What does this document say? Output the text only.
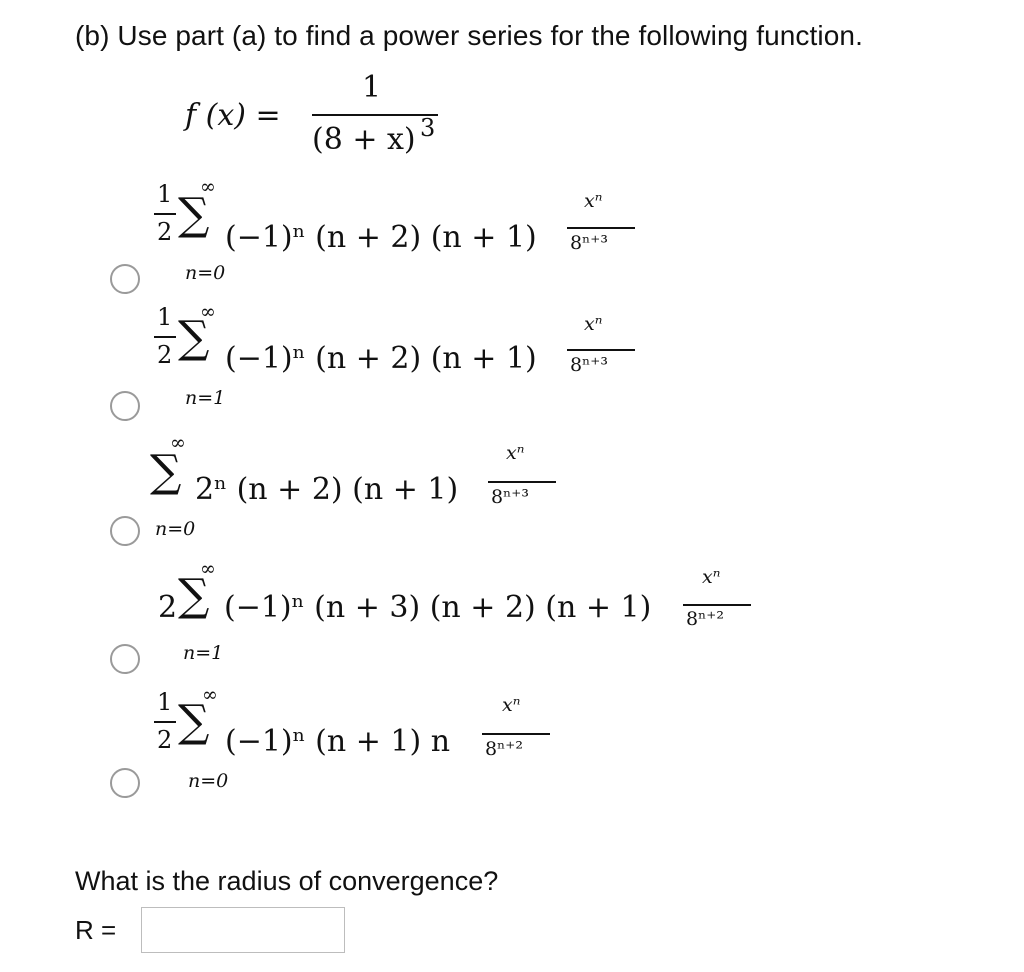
(b) Use part (a) to find a power series for the following function.
f (x) =
1
(8 + x) 3
1
2
∞
∑
n=0
(−1)ⁿ (n + 2) (n + 1)
xⁿ
8ⁿ⁺³
1
2
∞
∑
n=1
(−1)ⁿ (n + 2) (n + 1)
xⁿ
8ⁿ⁺³
∞
∑
n=0
2ⁿ (n + 2) (n + 1)
xⁿ
8ⁿ⁺³
2
∞
∑
n=1
(−1)ⁿ (n + 3) (n + 2) (n + 1)
xⁿ
8ⁿ⁺²
1
2
∞
∑
n=0
(−1)ⁿ (n + 1) n
xⁿ
8ⁿ⁺²
What is the radius of convergence?
R =
